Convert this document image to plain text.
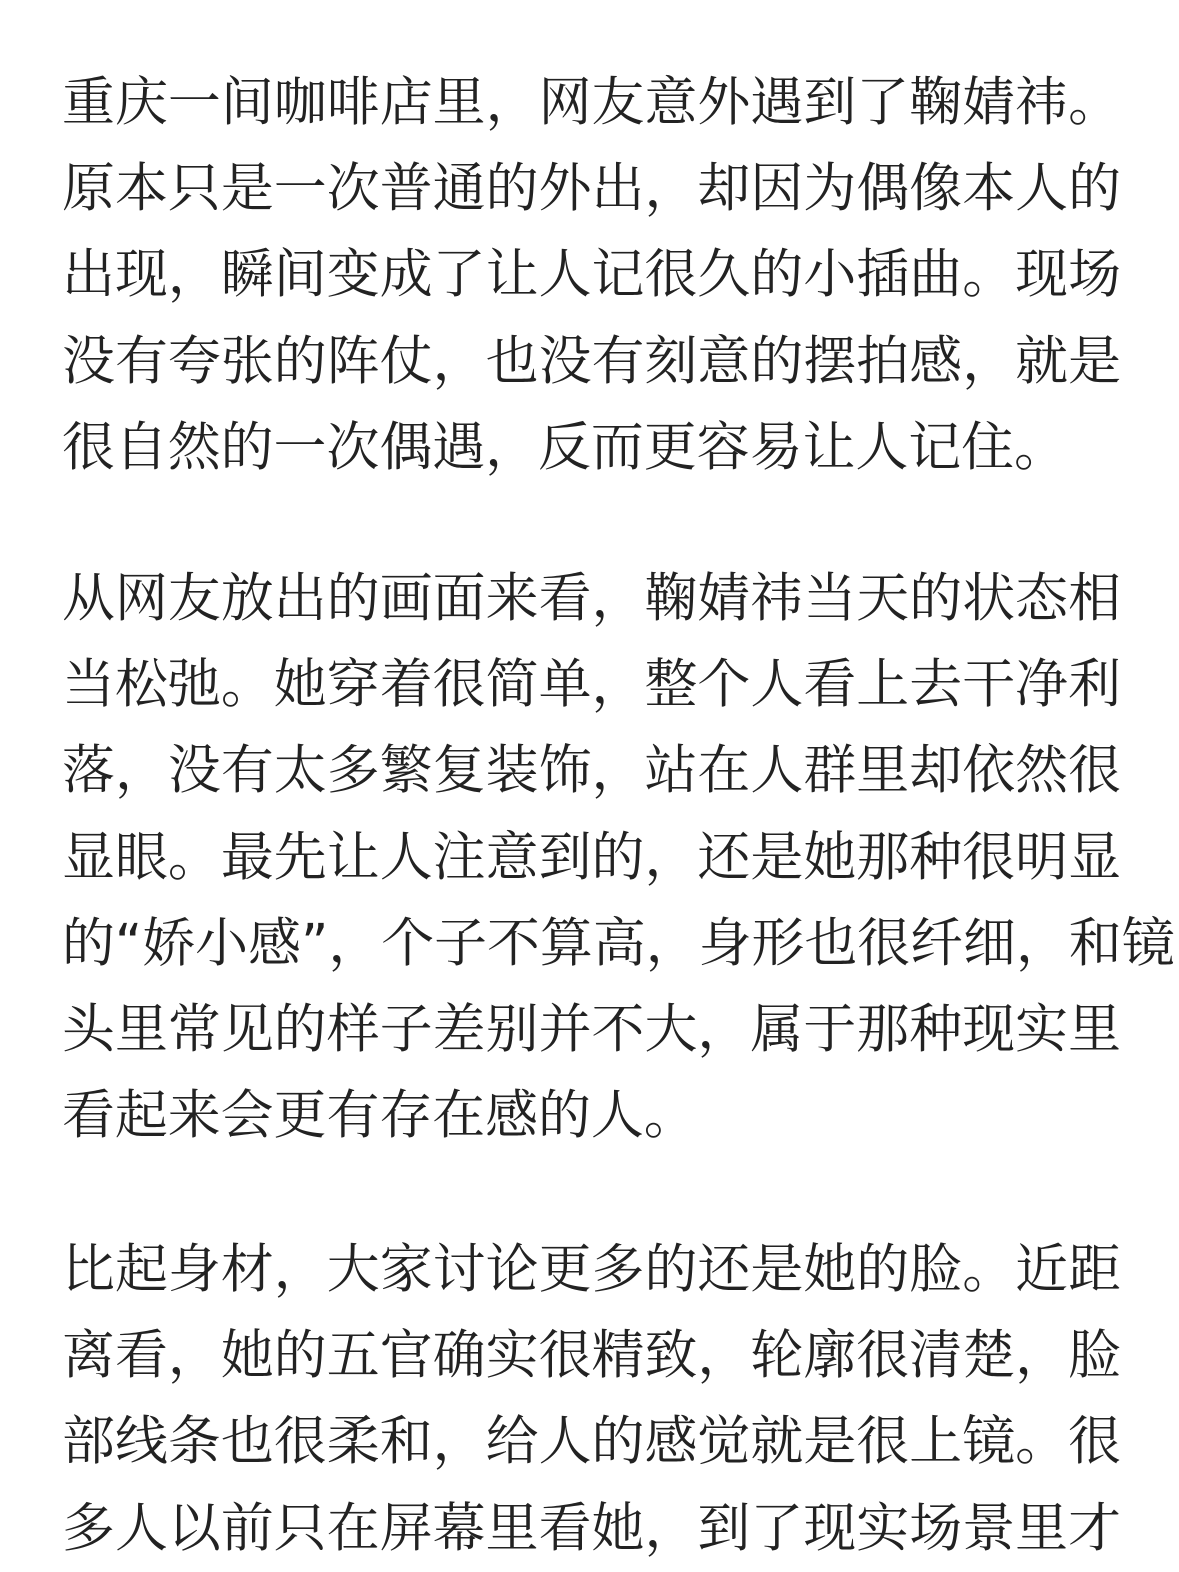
重庆一间咖啡店里，网友意外遇到了鞠婧祎。
原本只是一次普通的外出，却因为偶像本人的
出现，瞬间变成了让人记很久的小插曲。现场
没有夸张的阵仗，也没有刻意的摆拍感，就是
很自然的一次偶遇，反而更容易让人记住。
从网友放出的画面来看，鞠婧祎当天的状态相
当松弛。她穿着很简单，整个人看上去干净利
落，没有太多繁复装饰，站在人群里却依然很
显眼。最先让人注意到的，还是她那种很明显
的“娇小感”，个子不算高，身形也很纤细，和镜
头里常见的样子差别并不大，属于那种现实里
看起来会更有存在感的人。
比起身材，大家讨论更多的还是她的脸。近距
离看，她的五官确实很精致，轮廓很清楚，脸
部线条也很柔和，给人的感觉就是很上镜。很
多人以前只在屏幕里看她，到了现实场景里才
